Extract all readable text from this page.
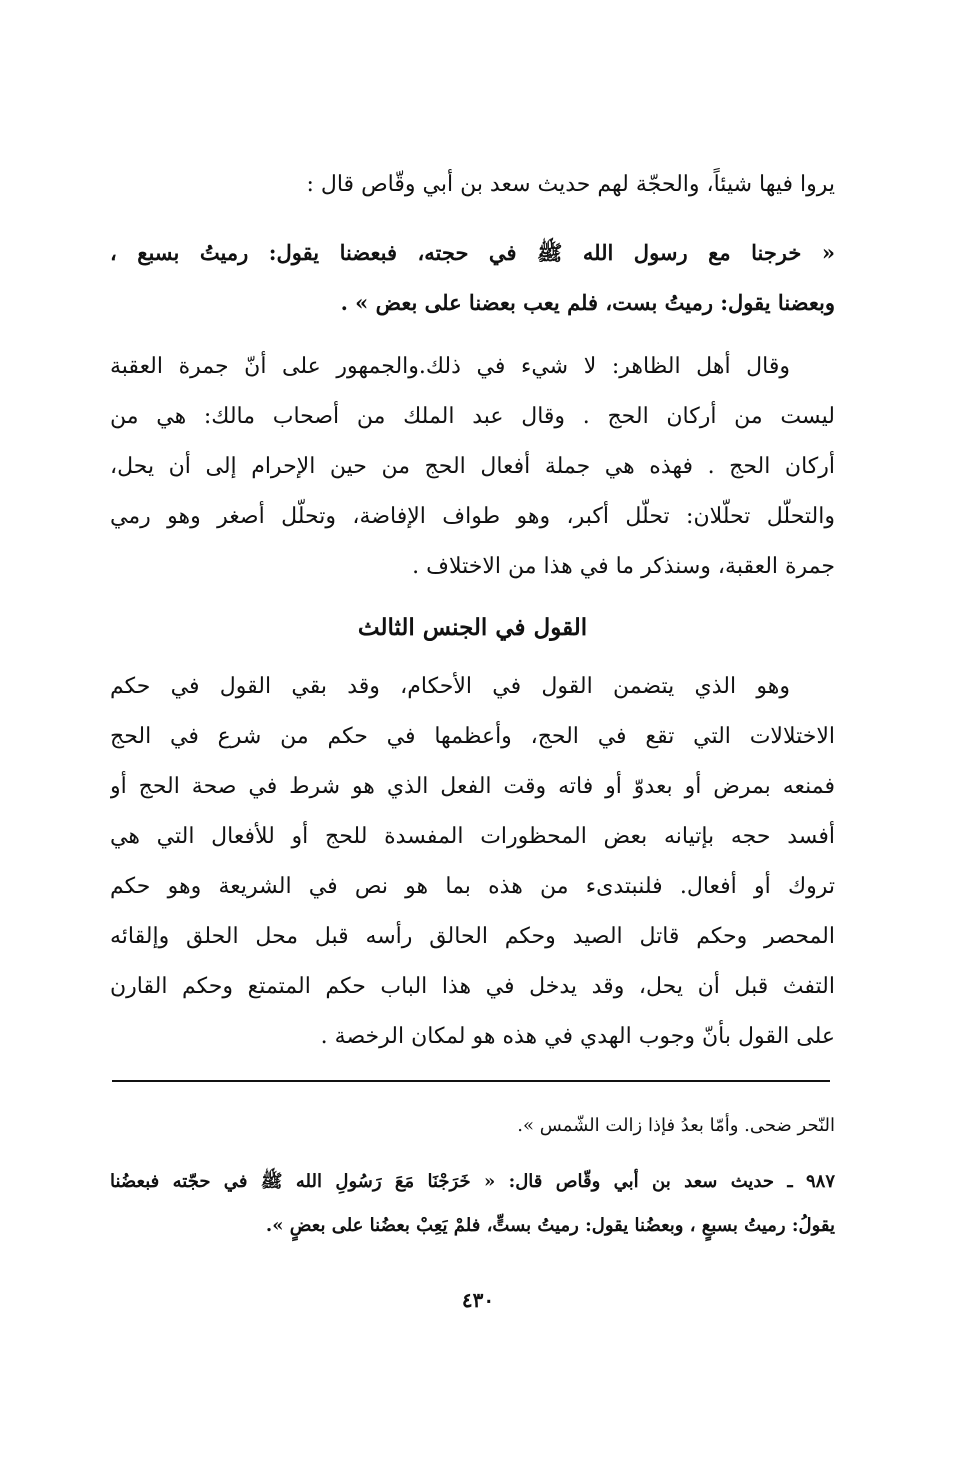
يروا فيها شيئاً، والحجّة لهم حديث سعد بن أبي وقّاص قال :
« خرجنا مع رسول الله ﷺ في حجته، فبعضنا يقول: رميتُ بسبع ،
وبعضنا يقول: رميتُ بست، فلم يعب بعضنا على بعض » .
وقال أهل الظاهر: لا شيء في ذلك.والجمهور على أنّ جمرة العقبة
ليست من أركان الحج . وقال عبد الملك من أصحاب مالك: هي من
أركان الحج . فهذه هي جملة أفعال الحج من حين الإحرام إلى أن يحل،
والتحلّل تحلّلان: تحلّل أكبر، وهو طواف الإفاضة، وتحلّل أصغر وهو رمي
جمرة العقبة، وسنذكر ما في هذا من الاختلاف .
القول في الجنس الثالث
وهو الذي يتضمن القول في الأحكام، وقد بقي القول في حكم
الاختلالات التي تقع في الحج، وأعظمها في حكم من شرع في الحج
فمنعه بمرض أو بعدوّ أو فاته وقت الفعل الذي هو شرط في صحة الحج أو
أفسد حجه بإتيانه بعض المحظورات المفسدة للحج أو للأفعال التي هي
تروك أو أفعال. فلنبتدىء من هذه بما هو نص في الشريعة وهو حكم
المحصر وحكم قاتل الصيد وحكم الحالق رأسه قبل محل الحلق وإلقائه
التفث قبل أن يحل، وقد يدخل في هذا الباب حكم المتمتع وحكم القارن
على القول بأنّ وجوب الهدي في هذه هو لمكان الرخصة .
النّحر ضحى. وأمّا بعدُ فإذا زالت الشّمس ».
٩٨٧ ـ حديث سعد بن أبي وقّاص قال: « خَرَجْنَا مَعَ رَسُولِ الله ﷺ في حجّته فبعضُنا
يقولُ: رميتُ بسبعٍ ، وبعضُنا يقول: رميتُ بستٍّ، فلمْ يَعِبْ بعضُنا على بعضٍ ».
٤٣٠
